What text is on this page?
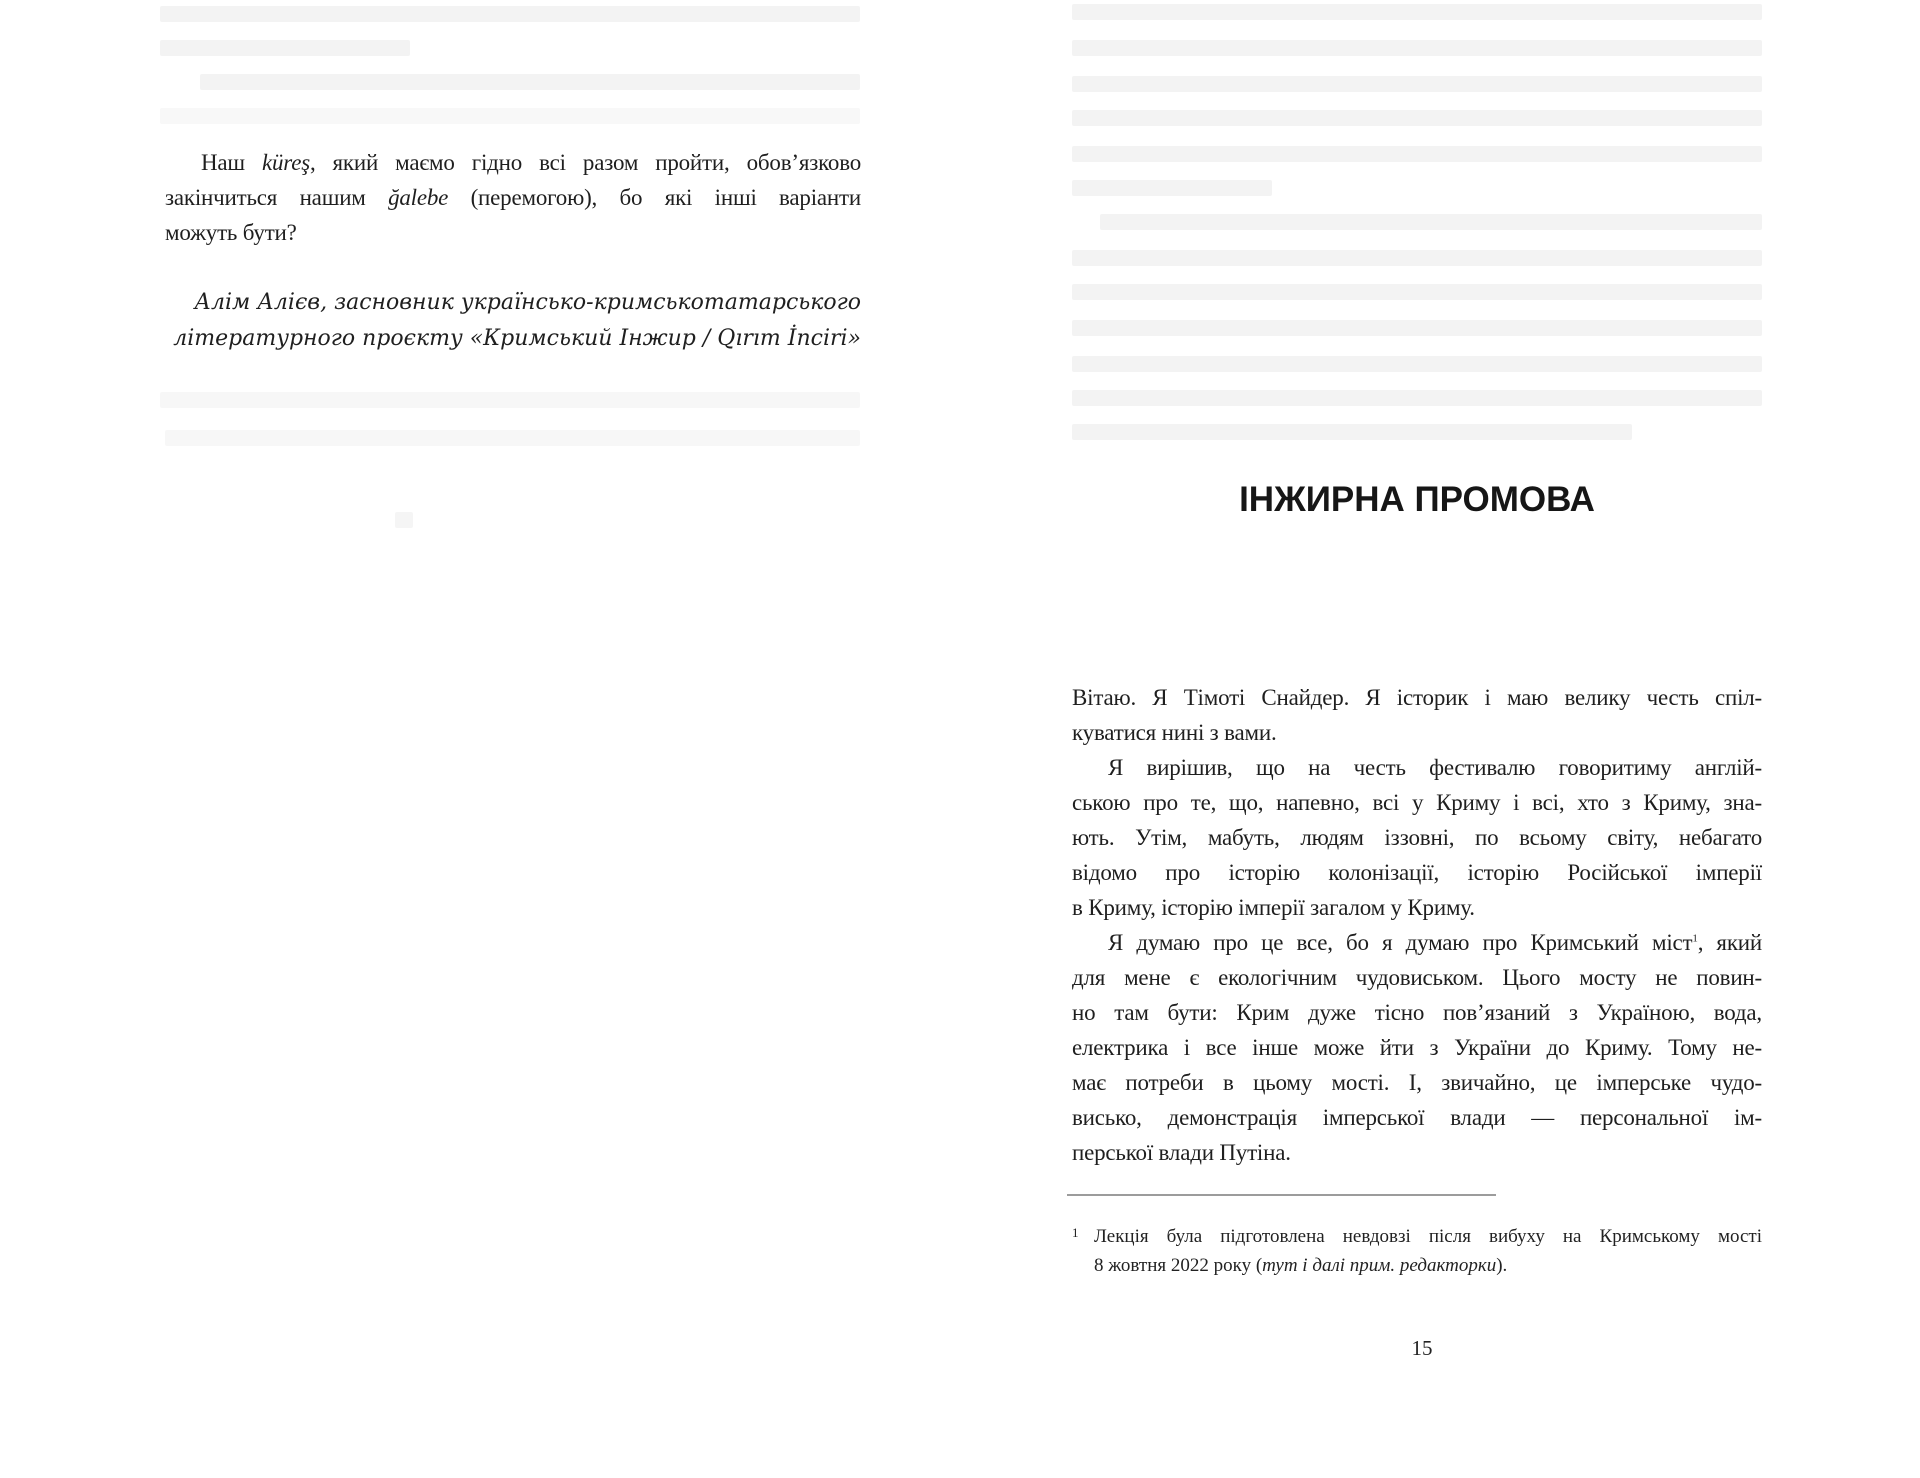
Наш küreş, який маємо гідно всі разом пройти, обов’язково
закінчиться нашим ğalebe (перемогою), бо які інші варіанти
можуть бути?
Алім Алієв, засновник українсько-кримськотатарського
літературного проєкту «Кримський Інжир / Qırım İnciri»
ІНЖИРНА ПРОМОВА
Вітаю. Я Тімоті Снайдер. Я історик і маю велику честь спіл-
куватися нині з вами.
Я вирішив, що на честь фестивалю говоритиму англій-
ською про те, що, напевно, всі у Криму і всі, хто з Криму, зна-
ють. Утім, мабуть, людям іззовні, по всьому світу, небагато
відомо про історію колонізації, історію Російської імперії
в Криму, історію імперії загалом у Криму.
Я думаю про це все, бо я думаю про Кримський міст$^1$, який
для мене є екологічним чудовиськом. Цього мосту не повин-
но там бути: Крим дуже тісно пов’язаний з Україною, вода,
електрика і все інше може йти з України до Криму. Тому не-
має потреби в цьому мості. І, звичайно, це імперське чудо-
виcько, демонстрація імперської влади — персональної ім-
перської влади Путіна.
1 Лекція була підготовлена невдовзі після вибуху на Кримському мості
8 жовтня 2022 року (тут і далі прим. редакторки).
15
